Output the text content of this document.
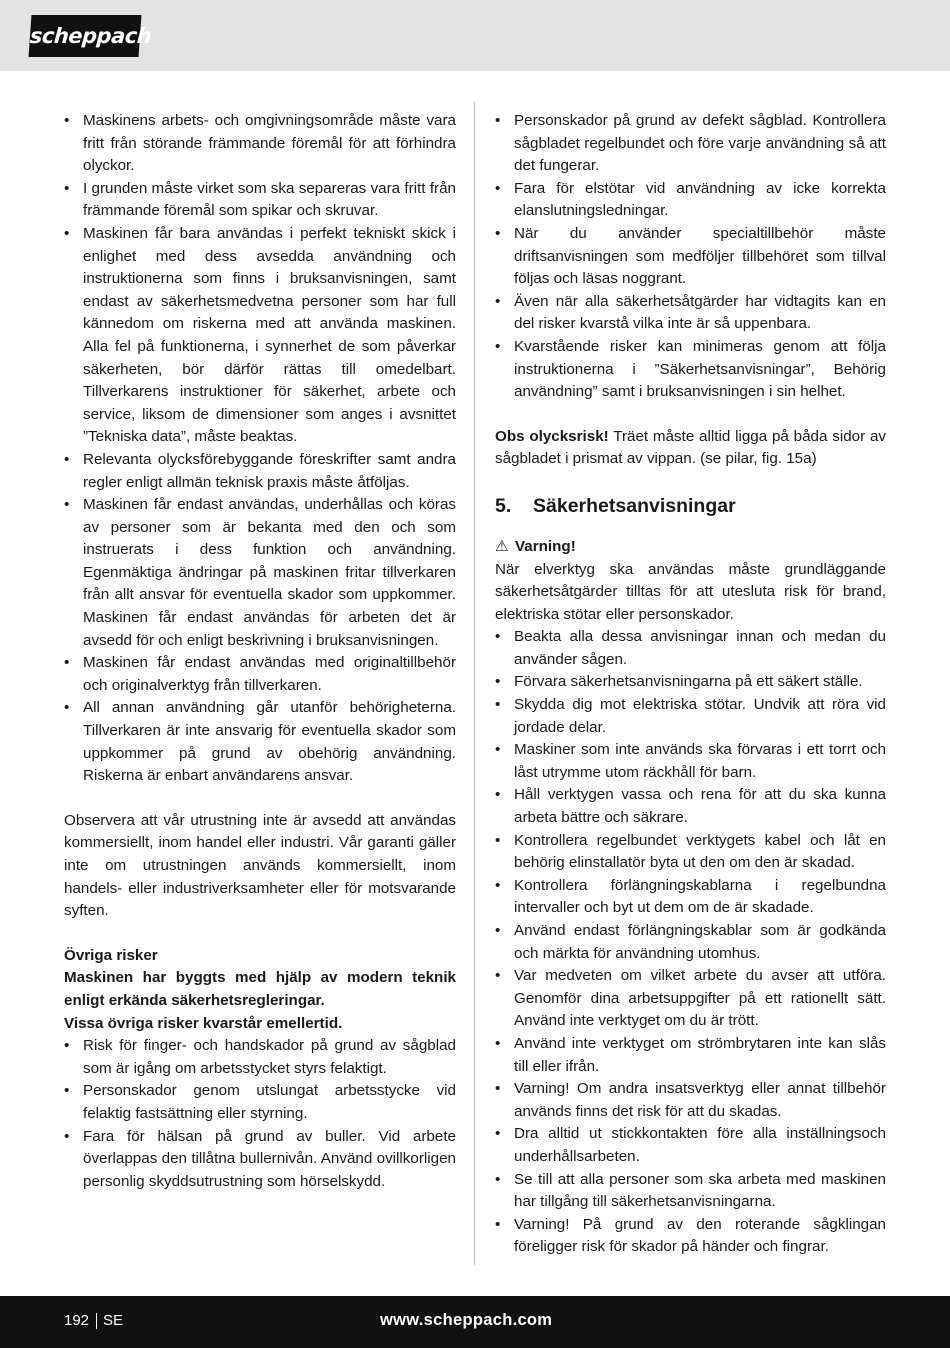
scheppach
• Maskinens arbets- och omgivningsområde måste vara fritt från störande främmande föremål för att förhindra olyckor.
• I grunden måste virket som ska separeras vara fritt från främmande föremål som spikar och skruvar.
• Maskinen får bara användas i perfekt tekniskt skick i enlighet med dess avsedda användning och instruktionerna som finns i bruksanvisningen, samt endast av säkerhetsmedvetna personer som har full kännedom om riskerna med att använda maskinen. Alla fel på funktionerna, i synnerhet de som påverkar säkerheten, bör därför rättas till omedelbart. Tillverkarens instruktioner för säkerhet, arbete och service, liksom de dimensioner som anges i avsnittet ”Tekniska data”, måste beaktas.
• Relevanta olycksförebyggande föreskrifter samt andra regler enligt allmän teknisk praxis måste åtföljas.
• Maskinen får endast användas, underhållas och köras av personer som är bekanta med den och som instruerats i dess funktion och användning. Egenmäktiga ändringar på maskinen fritar tillverkaren från allt ansvar för eventuella skador som uppkommer. Maskinen får endast användas för arbeten det är avsedd för och enligt beskrivning i bruksanvisningen.
• Maskinen får endast användas med originaltillbehör och originalverktyg från tillverkaren.
• All annan användning går utanför behörigheterna. Tillverkaren är inte ansvarig för eventuella skador som uppkommer på grund av obehörig användning. Riskerna är enbart användarens ansvar.

Observera att vår utrustning inte är avsedd att användas kommersiellt, inom handel eller industri. Vår garanti gäller inte om utrustningen används kommersiellt, inom handels- eller industriverksamheter eller för motsvarande syften.

Övriga risker

Maskinen har byggts med hjälp av modern teknik enligt erkända säkerhetsregleringar.

Vissa övriga risker kvarstår emellertid.

• Risk för finger- och handskador på grund av sågblad som är igång om arbetsstycket styrs felaktigt.
• Personskador genom utslungat arbetsstycke vid felaktig fastsättning eller styrning.
• Fara för hälsan på grund av buller. Vid arbete överlappas den tillåtna bullernivån. Använd ovillkorligen personlig skyddsutrustning som hörselskydd.
• Personskador på grund av defekt sågblad. Kontrollera sågbladet regelbundet och före varje användning så att det fungerar.
• Fara för elstötar vid användning av icke korrekta elanslutningsledningar.
• När du använder specialtillbehör måste driftsanvisningen som medföljer tillbehöret som tillval följas och läsas noggrant.
• Även när alla säkerhetsåtgärder har vidtagits kan en del risker kvarstå vilka inte är så uppenbara.
• Kvarstående risker kan minimeras genom att följa instruktionerna i ”Säkerhetsanvisningar”, Behörig användning” samt i bruksanvisningen i sin helhet.

Obs olycksrisk! Träet måste alltid ligga på båda sidor av sågbladet i prismat av vippan. (se pilar, fig. 15a)

5.	Säkerhetsanvisningar

⚠ Varning!

När elverktyg ska användas måste grundläggande säkerhetsåtgärder tilltas för att utesluta risk för brand, elektriska stötar eller personskador.

• Beakta alla dessa anvisningar innan och medan du använder sågen.
• Förvara säkerhetsanvisningarna på ett säkert ställe.
• Skydda dig mot elektriska stötar. Undvik att röra vid jordade delar.
• Maskiner som inte används ska förvaras i ett torrt och låst utrymme utom räckhåll för barn.
• Håll verktygen vassa och rena för att du ska kunna arbeta bättre och säkrare.
• Kontrollera regelbundet verktygets kabel och låt en behörig elinstallatör byta ut den om den är skadad.
• Kontrollera förlängningskablarna i regelbundna intervaller och byt ut dem om de är skadade.
• Använd endast förlängningskablar som är godkända och märkta för användning utomhus.
• Var medveten om vilket arbete du avser att utföra. Genomför dina arbetsuppgifter på ett rationellt sätt. Använd inte verktyget om du är trött.
• Använd inte verktyget om strömbrytaren inte kan slås till eller ifrån.
• Varning! Om andra insatsverktyg eller annat tillbehör används finns det risk för att du skadas.
• Dra alltid ut stickkontakten före alla inställningsoch underhållsarbeten.
• Se till att alla personer som ska arbeta med maskinen har tillgång till säkerhetsanvisningarna.
• Varning! På grund av den roterande sågklingan föreligger risk för skador på händer och fingrar.
192 SE	www.scheppach.com
